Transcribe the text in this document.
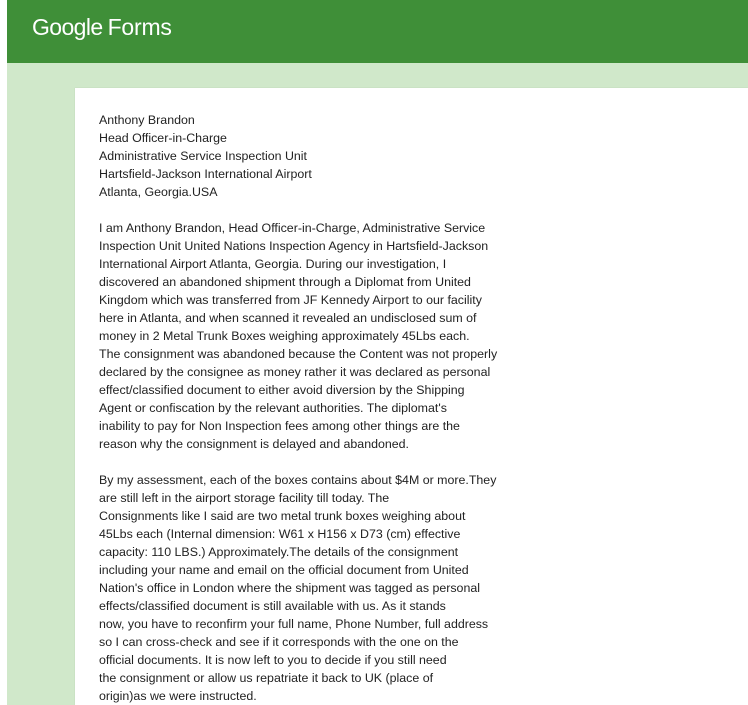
Google Forms
Anthony Brandon
Head Officer-in-Charge
Administrative Service Inspection Unit
Hartsfield-Jackson International Airport
Atlanta, Georgia.USA
I am Anthony Brandon, Head Officer-in-Charge, Administrative Service
Inspection Unit United Nations Inspection Agency in Hartsfield-Jackson
International Airport Atlanta, Georgia. During our investigation, I
discovered an abandoned shipment through a Diplomat from United
Kingdom which was transferred from JF Kennedy Airport to our facility
here in Atlanta, and when scanned it revealed an undisclosed sum of
money in 2 Metal Trunk Boxes weighing approximately 45Lbs each.
The consignment was abandoned because the Content was not properly
declared by the consignee as money rather it was declared as personal
effect/classified document to either avoid diversion by the Shipping
Agent or confiscation by the relevant authorities. The diplomat's
inability to pay for Non Inspection fees among other things are the
reason why the consignment is delayed and abandoned.
By my assessment, each of the boxes contains about $4M or more.They
are still left in the airport storage facility till today. The
Consignments like I said are two metal trunk boxes weighing about
45Lbs each (Internal dimension: W61 x H156 x D73 (cm) effective
capacity: 110 LBS.) Approximately.The details of the consignment
including your name and email on the official document from United
Nation's office in London where the shipment was tagged as personal
effects/classified document is still available with us. As it stands
now, you have to reconfirm your full name, Phone Number, full address
so I can cross-check and see if it corresponds with the one on the
official documents. It is now left to you to decide if you still need
the consignment or allow us repatriate it back to UK (place of
origin)as we were instructed.
